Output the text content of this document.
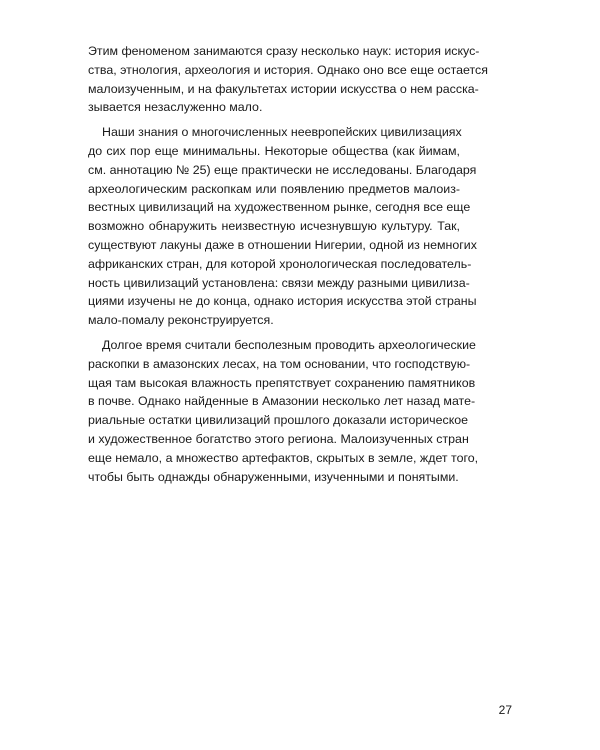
Этим феноменом занимаются сразу несколько наук: история искус-
ства, этнология, археология и история. Однако оно все еще остается
малоизученным, и на факультетах истории искусства о нем расска-
зывается незаслуженно мало.
Наши знания о многочисленных неевропейских цивилизациях
до сих пор еще минимальны. Некоторые общества (как йимам,
см. аннотацию № 25) еще практически не исследованы. Благодаря
археологическим раскопкам или появлению предметов малоиз-
вестных цивилизаций на художественном рынке, сегодня все еще
возможно обнаружить неизвестную исчезнувшую культуру. Так,
существуют лакуны даже в отношении Нигерии, одной из немногих
африканских стран, для которой хронологическая последователь-
ность цивилизаций установлена: связи между разными цивилиза-
циями изучены не до конца, однако история искусства этой страны
мало-помалу реконструируется.
Долгое время считали бесполезным проводить археологические
раскопки в амазонских лесах, на том основании, что господствую-
щая там высокая влажность препятствует сохранению памятников
в почве. Однако найденные в Амазонии несколько лет назад мате-
риальные остатки цивилизаций прошлого доказали историческое
и художественное богатство этого региона. Малоизученных стран
еще немало, а множество артефактов, скрытых в земле, ждет того,
чтобы быть однажды обнаруженными, изученными и понятыми.
27
